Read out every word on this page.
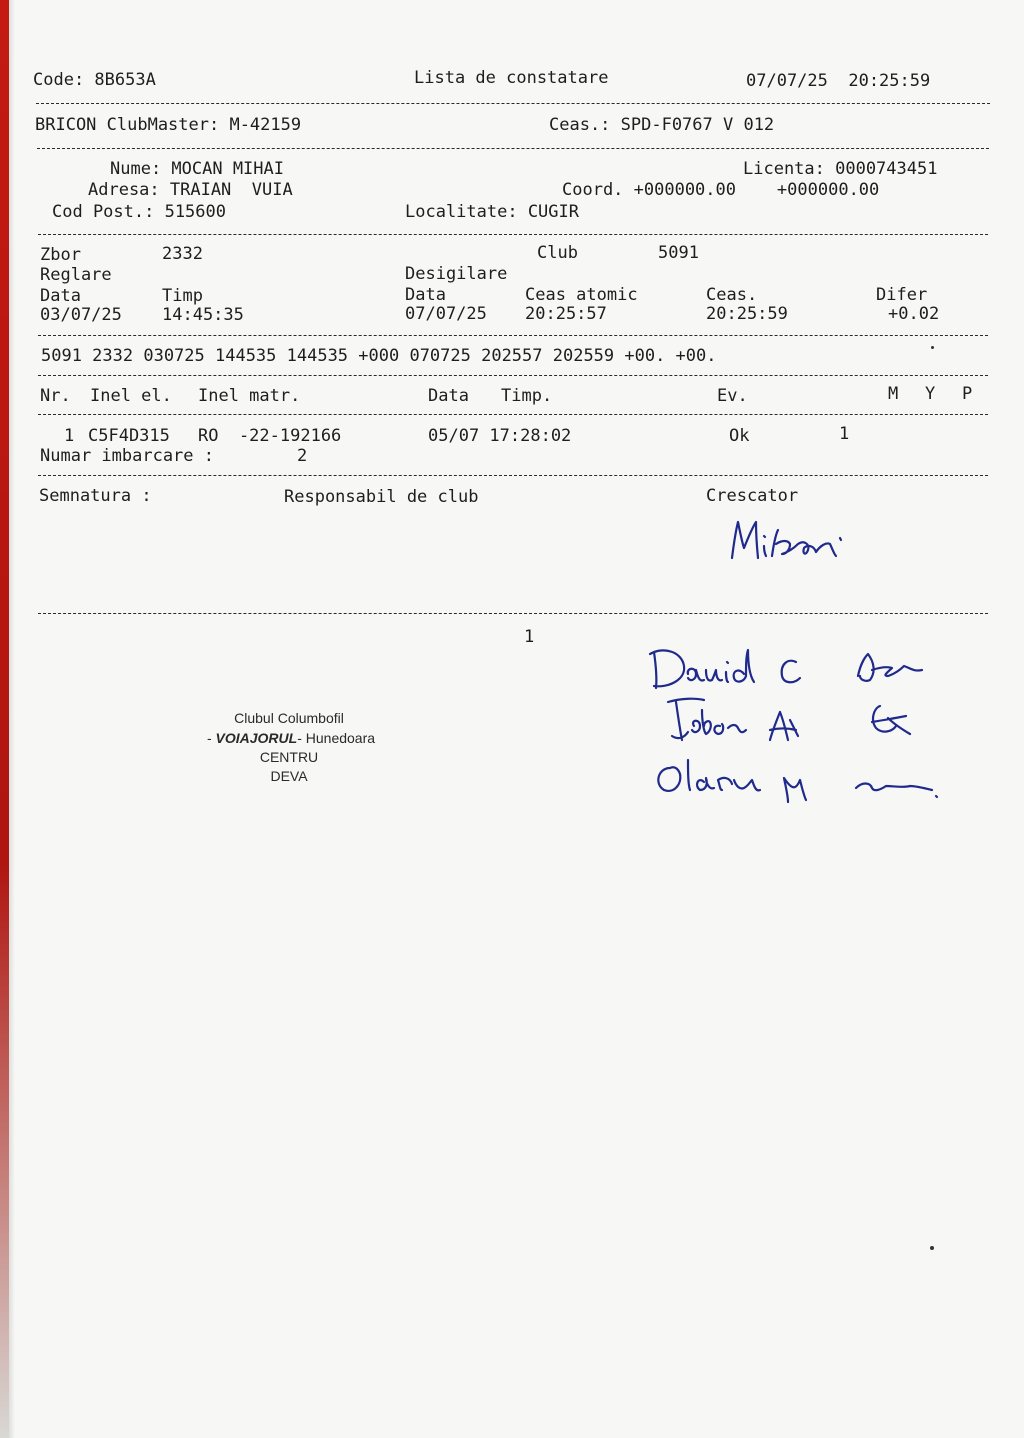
Code: 8B653A	Lista de constatare	07/07/25  20:25:59
BRICON ClubMaster: M-42159	Ceas.: SPD-F0767 V 012
Nume: MOCAN MIHAI	Licenta: 0000743451
Adresa: TRAIAN  VUIA	Coord. +000000.00    +000000.00
Cod Post.: 515600	Localitate: CUGIR
Zbor	2332	Club	5091
Reglare	Desigilare
Data	Timp	Data	Ceas atomic	Ceas.	Difer
03/07/25 14:45:35	07/07/25 20:25:57	20:25:59	+0.02
5091 2332 030725 144535 144535 +000 070725 202557 202559 +00. +00.
Nr. Inel el. Inel matr.	Data Timp.	Ev.	M Y P
1 C5F4D315 RO  -22-192166	05/07 17:28:02	Ok	1
Numar imbarcare :	2
Semnatura :	Responsabil de club	Crescator
1
Clubul Columbofil
- VOIAJORUL- Hunedoara
CENTRU
DEVA
